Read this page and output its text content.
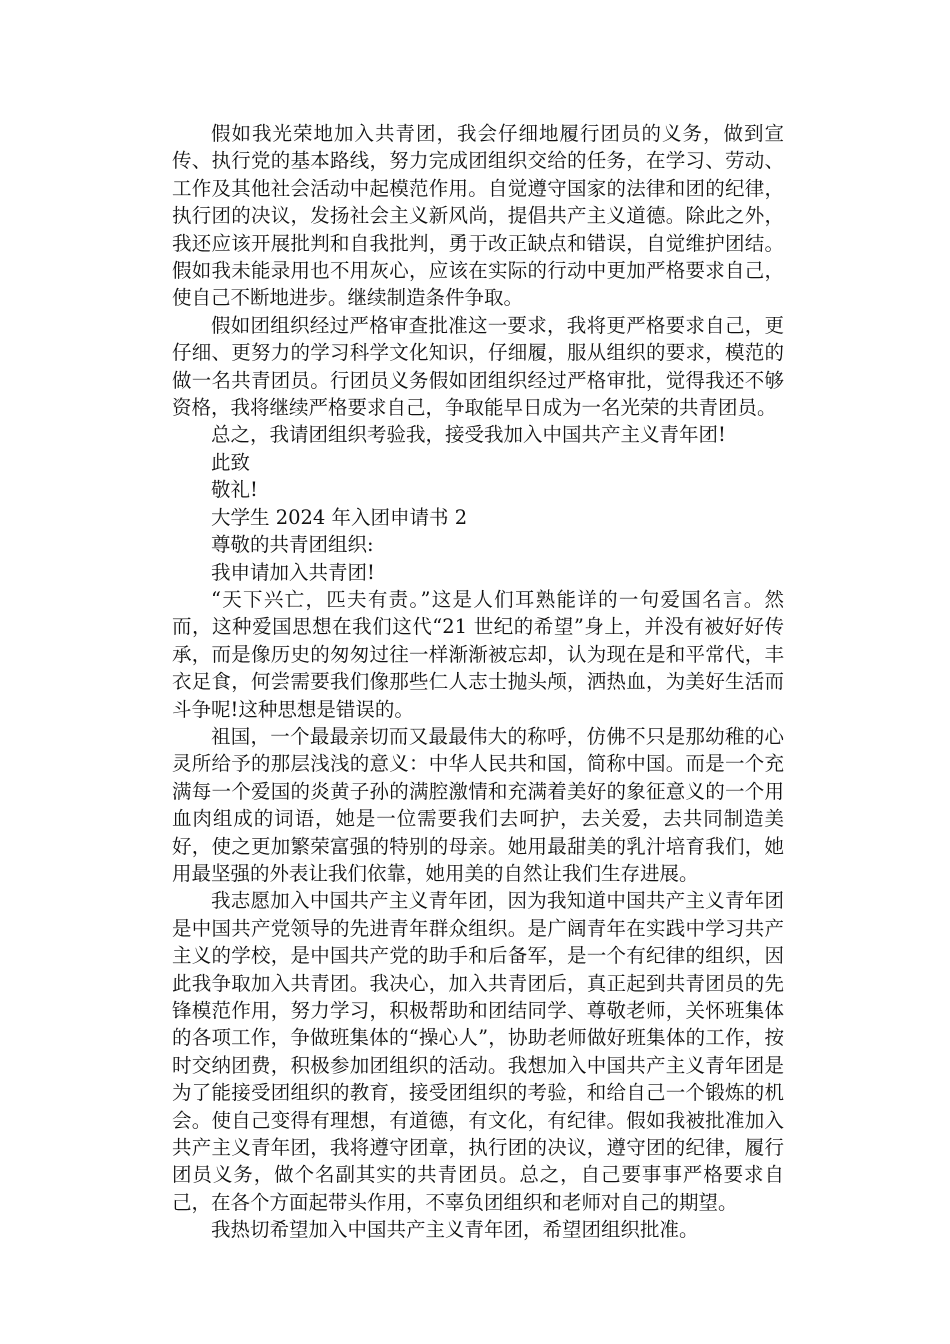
假如我光荣地加入共青团，我会仔细地履行团员的义务，做到宣传、执行党的基本路线，努力完成团组织交给的任务，在学习、劳动、工作及其他社会活动中起模范作用。自觉遵守国家的法律和团的纪律，执行团的决议，发扬社会主义新风尚，提倡共产主义道德。除此之外，我还应该开展批判和自我批判，勇于改正缺点和错误，自觉维护团结。假如我未能录用也不用灰心，应该在实际的行动中更加严格要求自己，使自己不断地进步。继续制造条件争取。

假如团组织经过严格审查批准这一要求，我将更严格要求自己，更仔细、更努力的学习科学文化知识，仔细履，服从组织的要求，模范的做一名共青团员。行团员义务假如团组织经过严格审批，觉得我还不够资格，我将继续严格要求自己，争取能早日成为一名光荣的共青团员。

总之，我请团组织考验我，接受我加入中国共产主义青年团!

此致

敬礼!

大学生 2024 年入团申请书 2

尊敬的共青团组织:

我申请加入共青团!

“天下兴亡，匹夫有责。”这是人们耳熟能详的一句爱国名言。然而，这种爱国思想在我们这代“21 世纪的希望”身上，并没有被好好传承，而是像历史的匆匆过往一样渐渐被忘却，认为现在是和平常代，丰衣足食，何尝需要我们像那些仁人志士抛头颅，洒热血，为美好生活而斗争呢!这种思想是错误的。

祖国，一个最最亲切而又最最伟大的称呼，仿佛不只是那幼稚的心灵所给予的那层浅浅的意义：中华人民共和国，简称中国。而是一个充满每一个爱国的炎黄子孙的满腔激情和充满着美好的象征意义的一个用血肉组成的词语，她是一位需要我们去呵护，去关爱，去共同制造美好，使之更加繁荣富强的特别的母亲。她用最甜美的乳汁培育我们，她用最坚强的外表让我们依靠，她用美的自然让我们生存进展。

我志愿加入中国共产主义青年团，因为我知道中国共产主义青年团是中国共产党领导的先进青年群众组织。是广阔青年在实践中学习共产主义的学校，是中国共产党的助手和后备军，是一个有纪律的组织，因此我争取加入共青团。我决心，加入共青团后，真正起到共青团员的先锋模范作用，努力学习，积极帮助和团结同学、尊敬老师，关怀班集体的各项工作，争做班集体的“操心人”，协助老师做好班集体的工作，按时交纳团费，积极参加团组织的活动。我想加入中国共产主义青年团是为了能接受团组织的教育，接受团组织的考验，和给自己一个锻炼的机会。使自己变得有理想，有道德，有文化，有纪律。假如我被批准加入共产主义青年团，我将遵守团章，执行团的决议，遵守团的纪律，履行团员义务，做个名副其实的共青团员。总之，自己要事事严格要求自己，在各个方面起带头作用，不辜负团组织和老师对自己的期望。

我热切希望加入中国共产主义青年团，希望团组织批准。
